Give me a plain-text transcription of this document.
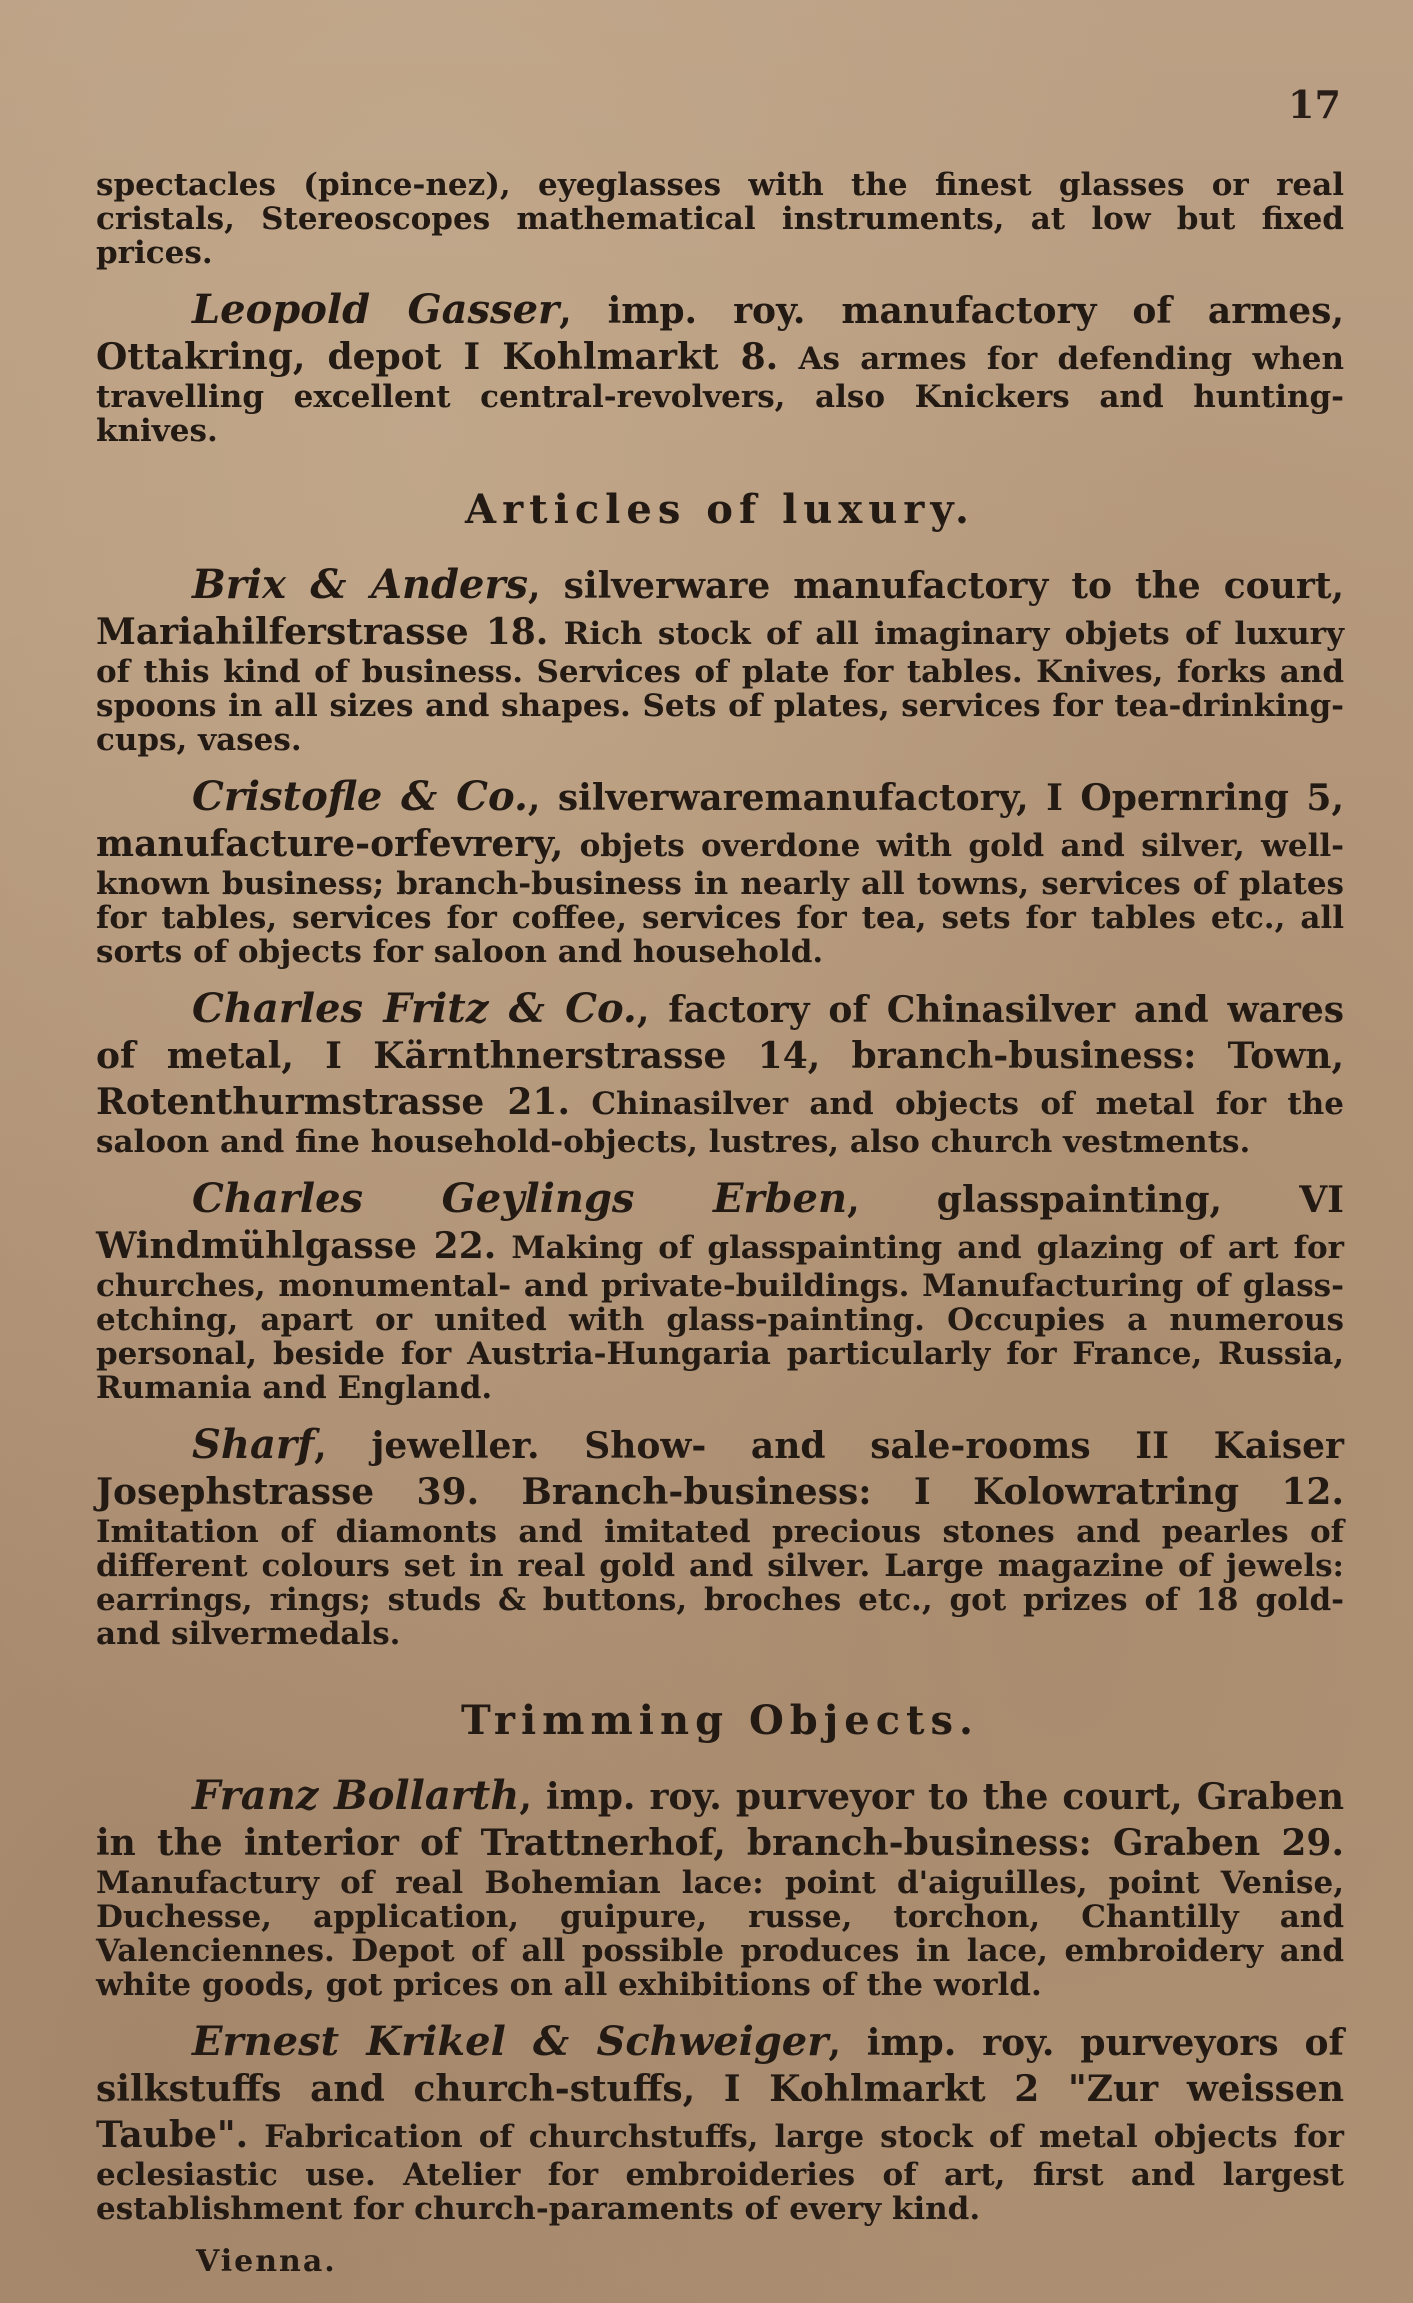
17

spectacles (pince-nez), eyeglasses with the finest glasses or real cristals, Stereoscopes mathematical instruments, at low but fixed prices.

Leopold Gasser, imp. roy. manufactory of armes, Ottakring, depot I Kohlmarkt 8. As armes for defending when travelling excellent central-revolvers, also Knickers and hunting-knives.

Articles of luxury.

Brix & Anders, silverware manufactory to the court, Mariahilferstrasse 18. Rich stock of all imaginary objets of luxury of this kind of business. Services of plate for tables. Knives, forks and spoons in all sizes and shapes. Sets of plates, services for tea-drinking-cups, vases.

Cristofle & Co., silverwaremanufactory, I Opernring 5, manufacture-orfevrery, objets overdone with gold and silver, well-known business; branch-business in nearly all towns, services of plates for tables, services for coffee, services for tea, sets for tables etc., all sorts of objects for saloon and household.

Charles Fritz & Co., factory of Chinasilver and wares of metal, I Kärnthnerstrasse 14, branch-business: Town, Rotenthurmstrasse 21. Chinasilver and objects of metal for the saloon and fine household-objects, lustres, also church vestments.

Charles Geylings Erben, glasspainting, VI Windmühlgasse 22. Making of glasspainting and glazing of art for churches, monumental- and private-buildings. Manufacturing of glass-etching, apart or united with glass-painting. Occupies a numerous personal, beside for Austria-Hungaria particularly for France, Russia, Rumania and England.

Sharf, jeweller. Show- and sale-rooms II Kaiser Josephstrasse 39. Branch-business: I Kolowratring 12. Imitation of diamonts and imitated precious stones and pearles of different colours set in real gold and silver. Large magazine of jewels: earrings, rings; studs & buttons, broches etc., got prizes of 18 gold- and silvermedals.

Trimming Objects.

Franz Bollarth, imp. roy. purveyor to the court, Graben in the interior of Trattnerhof, branch-business: Graben 29. Manufactury of real Bohemian lace: point d'aiguilles, point Venise, Duchesse, application, guipure, russe, torchon, Chantilly and Valenciennes. Depot of all possible produces in lace, embroidery and white goods, got prices on all exhibitions of the world.

Ernest Krikel & Schweiger, imp. roy. purveyors of silkstuffs and church-stuffs, I Kohlmarkt 2 "Zur weissen Taube". Fabrication of churchstuffs, large stock of metal objects for eclesiastic use. Atelier for embroideries of art, first and largest establishment for church-paraments of every kind.

Vienna.
